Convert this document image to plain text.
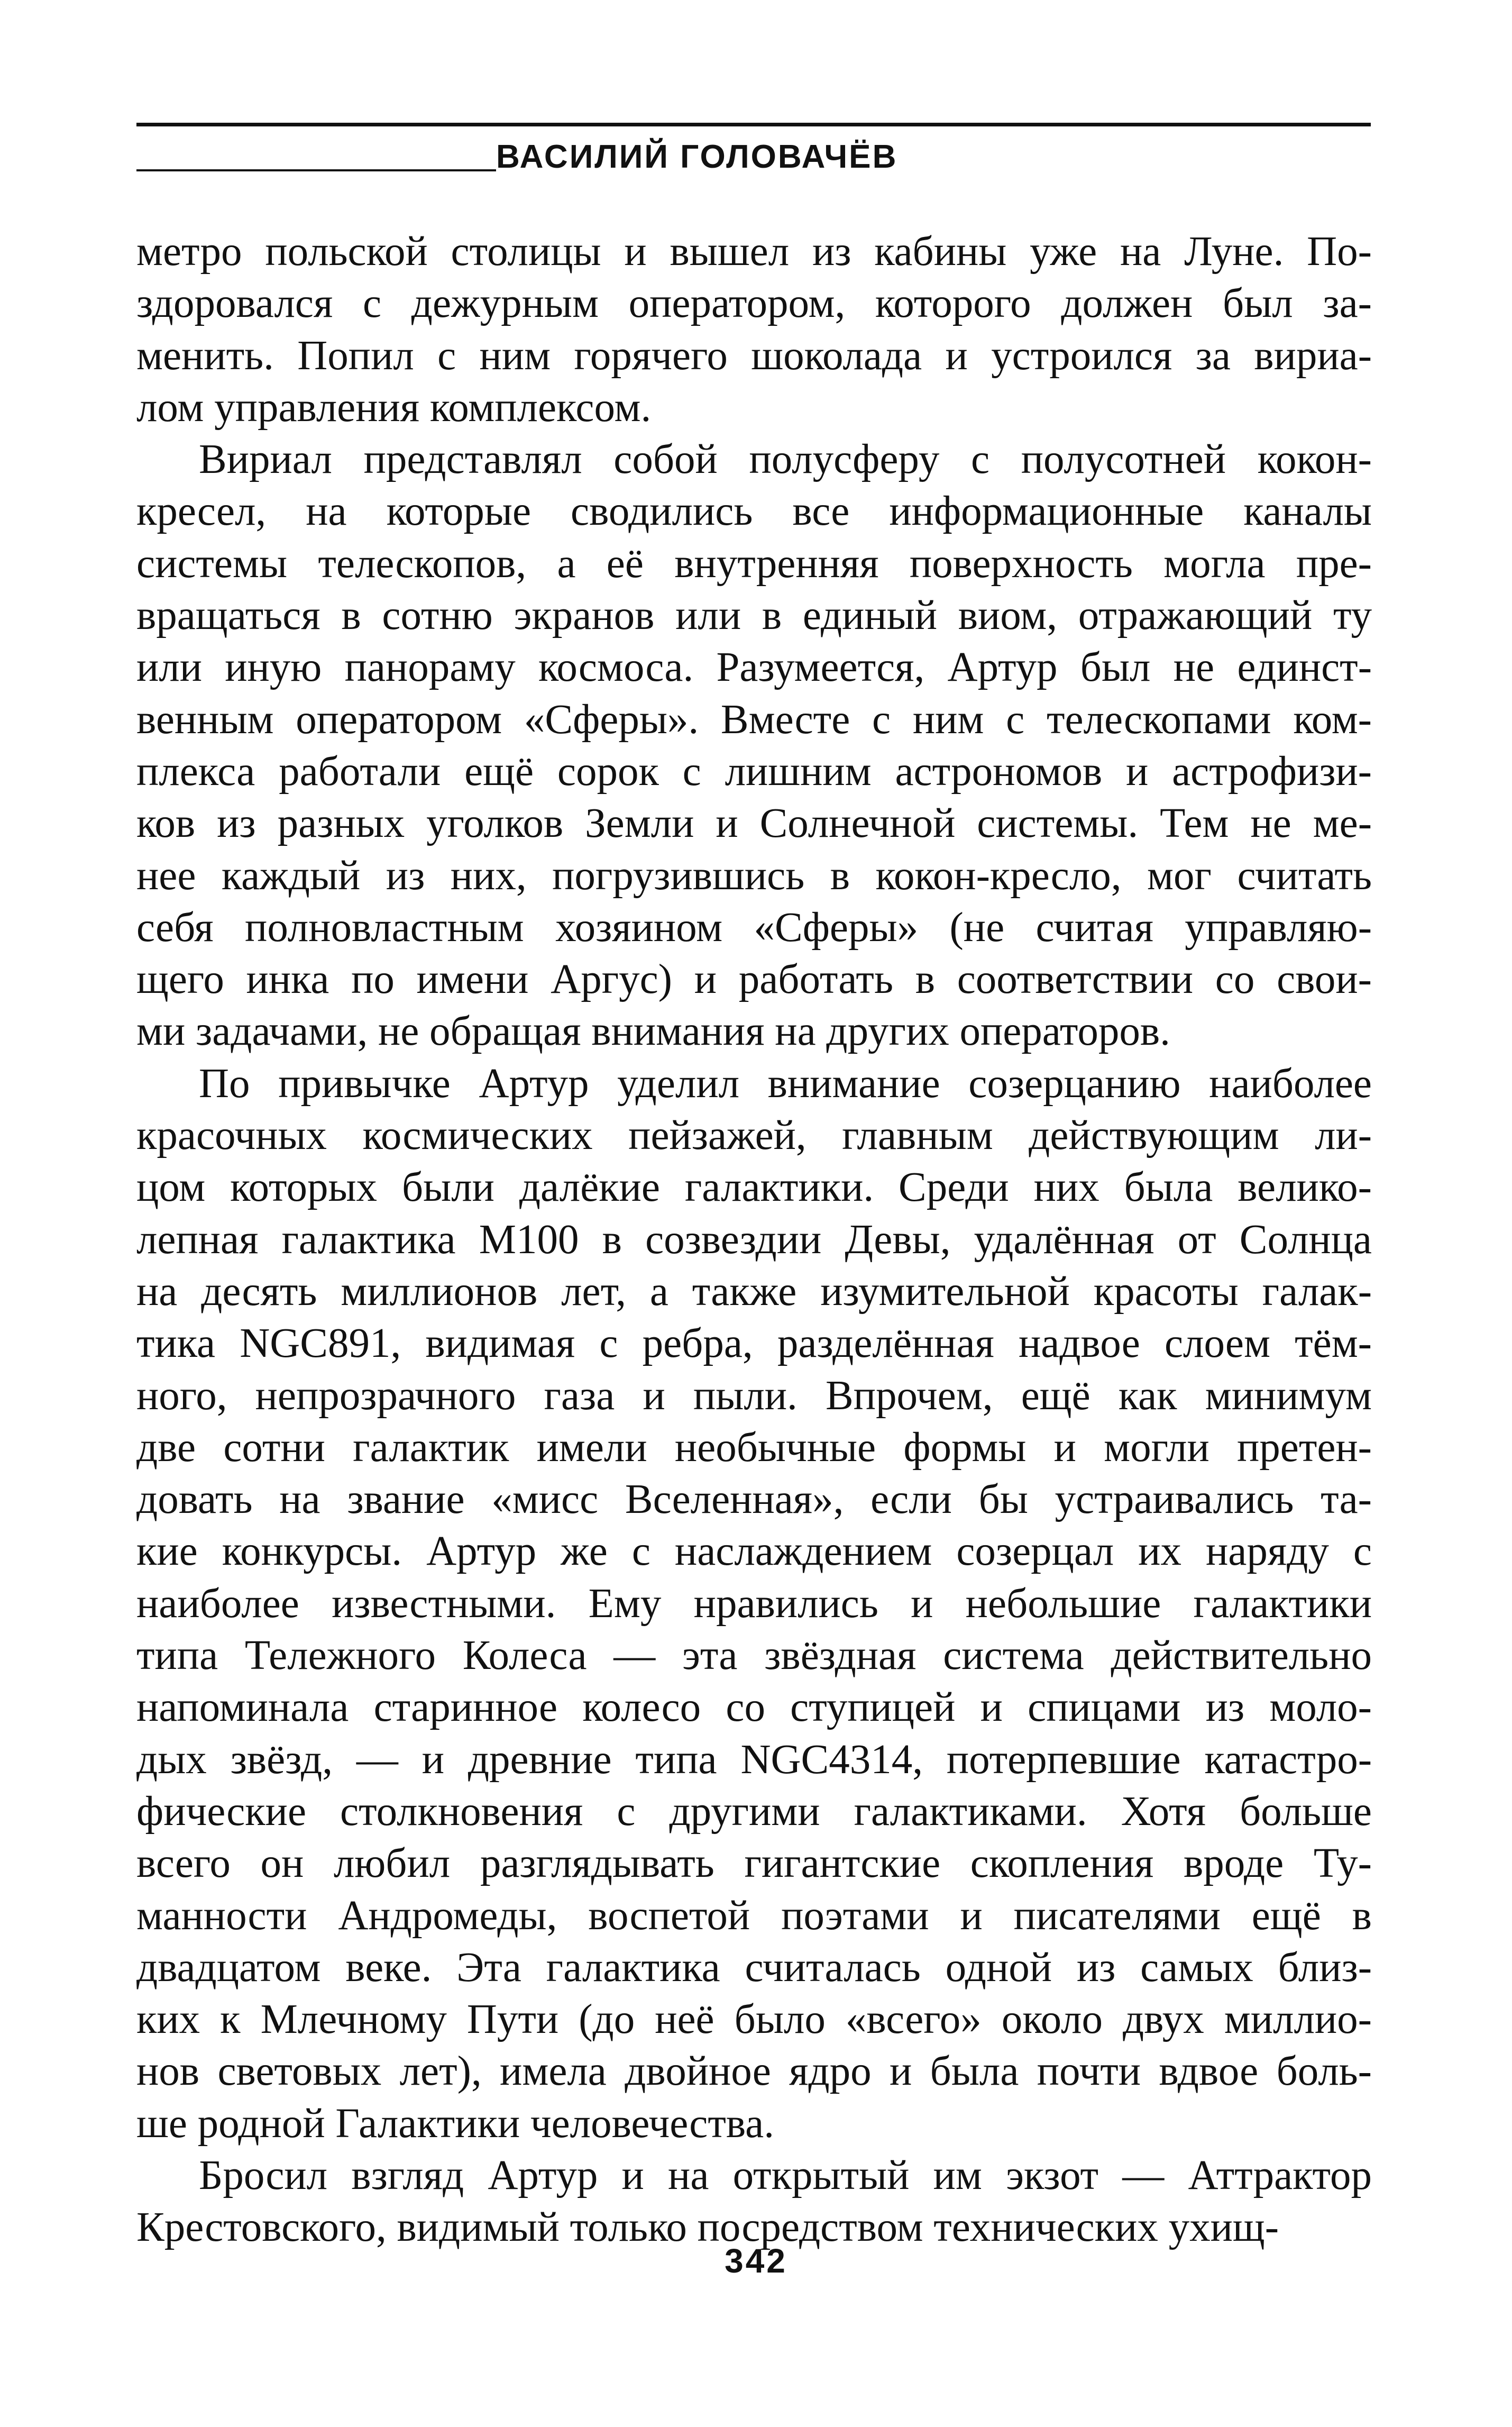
ВАСИЛИЙ ГОЛОВАЧЁВ
метро польской столицы и вышел из кабины уже на Луне. По-
здоровался с дежурным оператором, которого должен был за-
менить. Попил с ним горячего шоколада и устроился за вириа-
лом управления комплексом.
Вириал представлял собой полусферу с полусотней кокон-
кресел, на которые сводились все информационные каналы
системы телескопов, а её внутренняя поверхность могла пре-
вращаться в сотню экранов или в единый виом, отражающий ту
или иную панораму космоса. Разумеется, Артур был не единст-
венным оператором «Сферы». Вместе с ним с телескопами ком-
плекса работали ещё сорок с лишним астрономов и астрофизи-
ков из разных уголков Земли и Солнечной системы. Тем не ме-
нее каждый из них, погрузившись в кокон-кресло, мог считать
себя полновластным хозяином «Сферы» (не считая управляю-
щего инка по имени Аргус) и работать в соответствии со свои-
ми задачами, не обращая внимания на других операторов.
По привычке Артур уделил внимание созерцанию наиболее
красочных космических пейзажей, главным действующим ли-
цом которых были далёкие галактики. Среди них была велико-
лепная галактика М100 в созвездии Девы, удалённая от Солнца
на десять миллионов лет, а также изумительной красоты галак-
тика NGC891, видимая с ребра, разделённая надвое слоем тём-
ного, непрозрачного газа и пыли. Впрочем, ещё как минимум
две сотни галактик имели необычные формы и могли претен-
довать на звание «мисс Вселенная», если бы устраивались та-
кие конкурсы. Артур же с наслаждением созерцал их наряду с
наиболее известными. Ему нравились и небольшие галактики
типа Тележного Колеса — эта звёздная система действительно
напоминала старинное колесо со ступицей и спицами из моло-
дых звёзд, — и древние типа NGC4314, потерпевшие катастро-
фические столкновения с другими галактиками. Хотя больше
всего он любил разглядывать гигантские скопления вроде Ту-
манности Андромеды, воспетой поэтами и писателями ещё в
двадцатом веке. Эта галактика считалась одной из самых близ-
ких к Млечному Пути (до неё было «всего» около двух миллио-
нов световых лет), имела двойное ядро и была почти вдвое боль-
ше родной Галактики человечества.
Бросил взгляд Артур и на открытый им экзот — Аттрактор
Крестовского, видимый только посредством технических ухищ-
342
